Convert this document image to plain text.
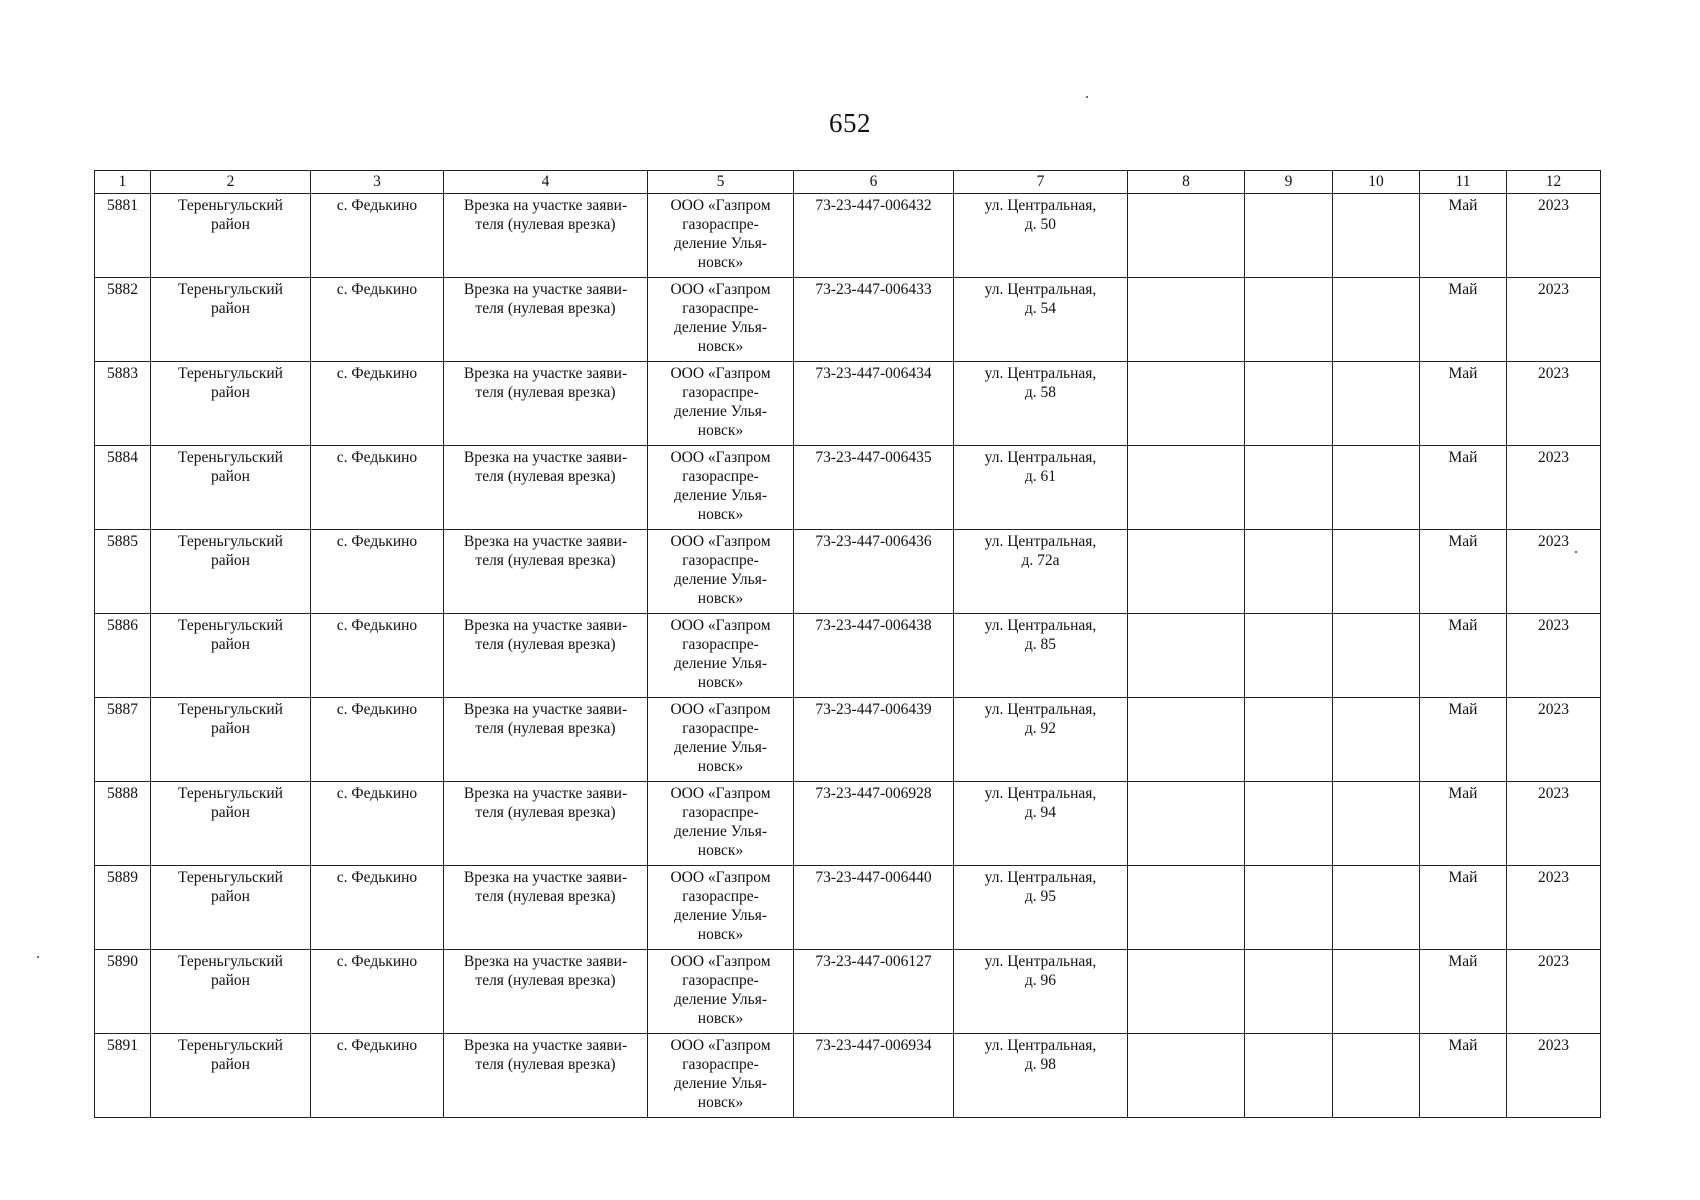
652
1	2	3	4	5	6	7	8	9	10	11	12
5881	Тереньгульский
район	с. Федькино	Врезка на участке заяви-
теля (нулевая врезка)	ООО «Газпром
газораспре-
деление Улья-
новск»	73-23-447-006432	ул. Центральная,
д. 50				Май	2023
5882	Тереньгульский
район	с. Федькино	Врезка на участке заяви-
теля (нулевая врезка)	ООО «Газпром
газораспре-
деление Улья-
новск»	73-23-447-006433	ул. Центральная,
д. 54				Май	2023
5883	Тереньгульский
район	с. Федькино	Врезка на участке заяви-
теля (нулевая врезка)	ООО «Газпром
газораспре-
деление Улья-
новск»	73-23-447-006434	ул. Центральная,
д. 58				Май	2023
5884	Тереньгульский
район	с. Федькино	Врезка на участке заяви-
теля (нулевая врезка)	ООО «Газпром
газораспре-
деление Улья-
новск»	73-23-447-006435	ул. Центральная,
д. 61				Май	2023
5885	Тереньгульский
район	с. Федькино	Врезка на участке заяви-
теля (нулевая врезка)	ООО «Газпром
газораспре-
деление Улья-
новск»	73-23-447-006436	ул. Центральная,
д. 72а				Май	2023
5886	Тереньгульский
район	с. Федькино	Врезка на участке заяви-
теля (нулевая врезка)	ООО «Газпром
газораспре-
деление Улья-
новск»	73-23-447-006438	ул. Центральная,
д. 85				Май	2023
5887	Тереньгульский
район	с. Федькино	Врезка на участке заяви-
теля (нулевая врезка)	ООО «Газпром
газораспре-
деление Улья-
новск»	73-23-447-006439	ул. Центральная,
д. 92				Май	2023
5888	Тереньгульский
район	с. Федькино	Врезка на участке заяви-
теля (нулевая врезка)	ООО «Газпром
газораспре-
деление Улья-
новск»	73-23-447-006928	ул. Центральная,
д. 94				Май	2023
5889	Тереньгульский
район	с. Федькино	Врезка на участке заяви-
теля (нулевая врезка)	ООО «Газпром
газораспре-
деление Улья-
новск»	73-23-447-006440	ул. Центральная,
д. 95				Май	2023
5890	Тереньгульский
район	с. Федькино	Врезка на участке заяви-
теля (нулевая врезка)	ООО «Газпром
газораспре-
деление Улья-
новск»	73-23-447-006127	ул. Центральная,
д. 96				Май	2023
5891	Тереньгульский
район	с. Федькино	Врезка на участке заяви-
теля (нулевая врезка)	ООО «Газпром
газораспре-
деление Улья-
новск»	73-23-447-006934	ул. Центральная,
д. 98				Май	2023
